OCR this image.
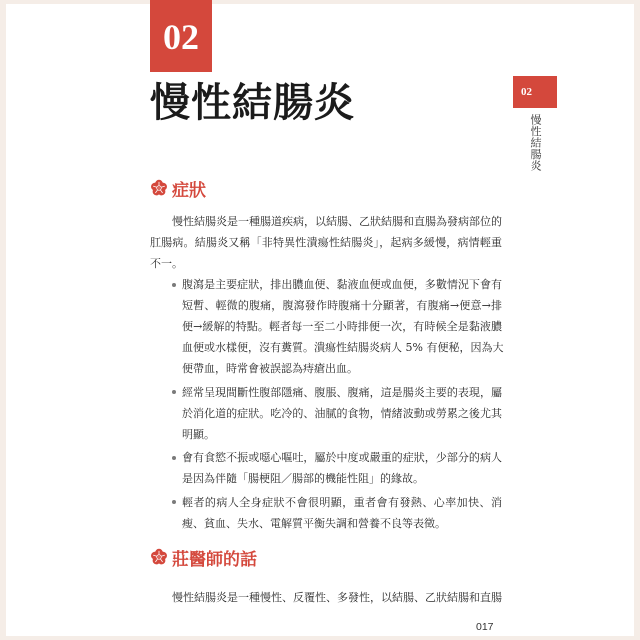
02
慢性結腸炎	02
慢性結腸炎
症狀
慢性結腸炎是一種腸道疾病，以結腸、乙狀結腸和直腸為發病部位的
肛腸病。結腸炎又稱「非特異性潰瘍性結腸炎」，起病多緩慢，病情輕重
不一。
腹瀉是主要症狀，排出膿血便、黏液血便或血便，多數情況下會有
短暫、輕微的腹痛，腹瀉發作時腹痛十分顯著，有腹痛→便意→排
便→緩解的特點。輕者每一至二小時排便一次，有時候全是黏液膿
血便或水樣便，沒有糞質。潰瘍性結腸炎病人 5% 有便秘，因為大
便帶血，時常會被誤認為痔瘡出血。
經常呈現間斷性腹部隱痛、腹脹、腹痛，這是腸炎主要的表現，屬
於消化道的症狀。吃冷的、油膩的食物，情緒波動或勞累之後尤其
明顯。
會有食慾不振或噁心嘔吐，屬於中度或嚴重的症狀，少部分的病人
是因為伴隨「腸梗阻／腸部的機能性阻」的緣故。
輕者的病人全身症狀不會很明顯，重者會有發熱、心率加快、消
瘦、貧血、失水、電解質平衡失調和營養不良等表徵。
莊醫師的話
慢性結腸炎是一種慢性、反覆性、多發性，以結腸、乙狀結腸和直腸
017
